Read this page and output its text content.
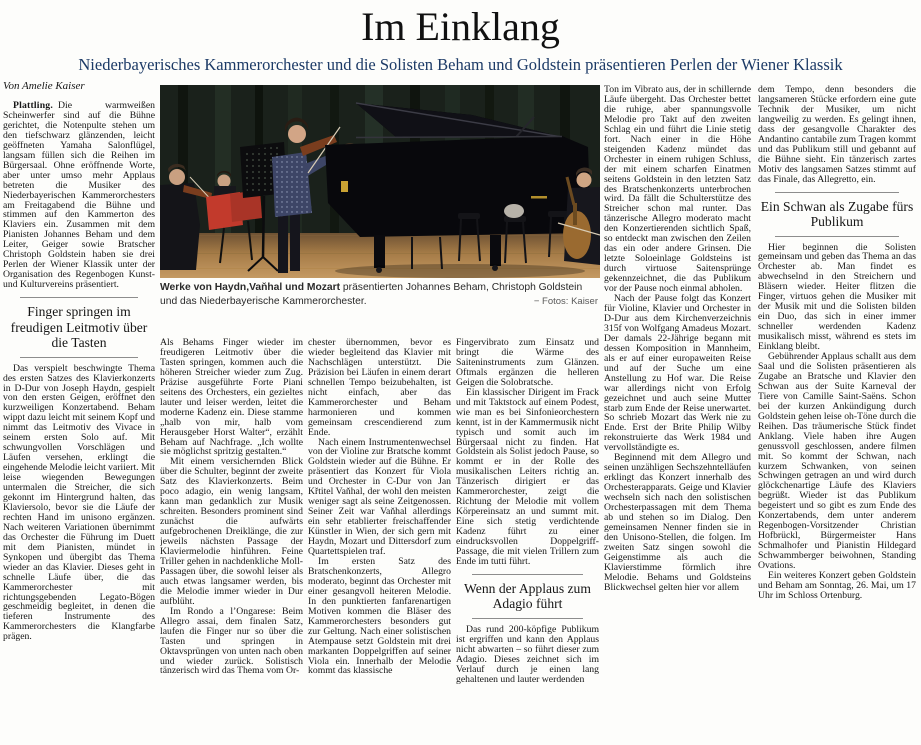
Im Einklang
Niederbayerisches Kammerorchester und die Solisten Beham und Goldstein präsentieren Perlen der Wiener Klassik
Von Amelie Kaiser

Plattling. Die warmweißen Scheinwerfer sind auf die Bühne gerichtet, die Notenpulte stehen um den tiefschwarz glänzenden, leicht geöffneten Yamaha Salonflügel, langsam füllen sich die Reihen im Bürgersaal. Ohne eröffnende Worte, aber unter umso mehr Applaus betreten die Musiker des Niederbayerischen Kammerorchesters am Freitagabend die Bühne und stimmen auf den Kammerton des Klaviers ein. Zusammen mit dem Pianisten Johannes Beham und dem Leiter, Geiger sowie Bratscher Christoph Goldstein haben sie drei Perlen der Wiener Klassik unter der Organisation des Regenbogen Kunst- und Kulturvereins präsentiert.

Finger springen im freudigen Leitmotiv über die Tasten

Das verspielt beschwingte Thema des ersten Satzes des Klavierkonzerts in D-Dur von Joseph Haydn, gespielt von den ersten Geigen, eröffnet den kurzweiligen Konzertabend. Beham wippt dazu leicht mit seinem Kopf und nimmt das Leitmotiv des Vivace in seinem ersten Solo auf. Mit schwungvollen Vorschlägen und Läufen versehen, erklingt die eingehende Melodie leicht variiert. Mit leise wiegenden Bewegungen untermalen die Streicher, die sich gekonnt im Hintergrund halten, das Klaviersolo, bevor sie die Läufe der rechten Hand im unisono ergänzen. Nach weiteren Variationen übernimmt das Orchester die Führung im Duett mit dem Pianisten, mündet in Synkopen und übergibt das Thema wieder an das Klavier. Dieses geht in schnelle Läufe über, die das Kammerorchester mit richtungsgebenden Legato-Bögen geschmeidig begleitet, in denen die tieferen Instrumente des Kammerorchesters die Klangfarbe prägen.

Werke von Haydn,Vaňhal und Mozart präsentierten Johannes Beham, Christoph Goldstein und das Niederbayerische Kammerorchester.	− Fotos: Kaiser

Als Behams Finger wieder im freudigeren Leitmotiv über die Tasten springen, kommen auch die höheren Streicher wieder zum Zug. Präzise ausgeführte Forte Piani seitens des Orchesters, ein gezieltes lauter und leiser werden, leitet die moderne Kadenz ein. Diese stamme „halb von mir, halb vom Herausgeber Horst Walter“, erzählt Beham auf Nachfrage. „Ich wollte sie möglichst spritzig gestalten.“

Mit einem versichernden Blick über die Schulter, beginnt der zweite Satz des Klavierkonzerts. Beim poco adagio, ein wenig langsam, kann man gedanklich zur Musik schreiten. Besonders prominent sind zunächst die aufwärts aufgebrochenen Dreiklänge, die zur jeweils nächsten Passage der Klaviermelodie hinführen. Feine Triller gehen in nachdenkliche Moll-Passagen über, die sowohl leiser als auch etwas langsamer werden, bis die Melodie immer wieder in Dur aufblüht.

Im Rondo a l’Ongarese: Beim Allegro assai, dem finalen Satz, laufen die Finger nur so über die Tasten und springen in Oktavsprüngen von unten nach oben und wieder zurück. Solistisch tänzerisch wird das Thema vom Or-

chester übernommen, bevor es wieder begleitend das Klavier mit Nachschlägen unterstützt. Die Präzision bei Läufen in einem derart schnellen Tempo beizubehalten, ist nicht einfach, aber das Kammerorchester und Beham harmonieren und kommen gemeinsam crescendierend zum Ende.

Nach einem Instrumentenwechsel von der Violine zur Bratsche kommt Goldstein wieder auf die Bühne. Er präsentiert das Konzert für Viola und Orchester in C-Dur von Jan Křtitel Vaňhal, der wohl den meisten weniger sagt als seine Zeitgenossen. Seiner Zeit war Vaňhal allerdings ein sehr etablierter freischaffender Künstler in Wien, der sich gern mit Haydn, Mozart und Dittersdorf zum Quartettspielen traf.

Im ersten Satz des Bratschenkonzerts, Allegro moderato, beginnt das Orchester mit einer gesangvoll heiteren Melodie. In den punktierten fanfarenartigen Motiven kommen die Bläser des Kammerorchesters besonders gut zur Geltung. Nach einer solistischen Atempause setzt Goldstein mit drei markanten Doppelgriffen auf seiner Viola ein. Innerhalb der Melodie kommt das klassische

Fingervibrato zum Einsatz und bringt die Wärme des Saiteninstruments zum Glänzen. Oftmals ergänzen die helleren Geigen die Solobratsche.

Ein klassischer Dirigent im Frack und mit Taktstock auf einem Podest, wie man es bei Sinfonieorchestern kennt, ist in der Kammermusik nicht typisch und somit auch im Bürgersaal nicht zu finden. Hat Goldstein als Solist jedoch Pause, so kommt er in der Rolle des musikalischen Leiters richtig an. Tänzerisch dirigiert er das Kammerorchester, zeigt die Richtung der Melodie mit vollem Körpereinsatz an und summt mit. Eine sich stetig verdichtende Kadenz führt zu einer eindrucksvollen Doppelgriff-Passage, die mit vielen Trillern zum Ende im tutti führt.

Wenn der Applaus zum Adagio führt

Das rund 200-köpfige Publikum ist ergriffen und kann den Applaus nicht abwarten – so führt dieser zum Adagio. Dieses zeichnet sich im Verlauf durch je einen lang gehaltenen und lauter werdenden

Ton im Vibrato aus, der in schillernde Läufe übergeht. Das Orchester bettet die ruhige, aber spannungsvolle Melodie pro Takt auf den zweiten Schlag ein und führt die Linie stetig fort. Nach einer in die Höhe steigenden Kadenz mündet das Orchester in einem ruhigen Schluss, der mit einem scharfen Einatmen seitens Goldstein in den letzten Satz des Bratschenkonzerts unterbrochen wird. Da fällt die Schulterstütze des Streicher schon mal runter. Das tänzerische Allegro moderato macht den Konzertierenden sichtlich Spaß, so entdeckt man zwischen den Zeilen das ein oder andere Grinsen. Die letzte Soloeinlage Goldsteins ist durch virtuose Saitensprünge gekennzeichnet, die das Publikum vor der Pause noch einmal abholen.

Nach der Pause folgt das Konzert für Violine, Klavier und Orchester in D-Dur aus dem Kirchenverzeichnis 315f von Wolfgang Amadeus Mozart. Der damals 22-Jährige begann mit dessen Komposition in Mannheim, als er auf einer europaweiten Reise und auf der Suche um eine Anstellung zu Hof war. Die Reise war allerdings nicht von Erfolg gezeichnet und auch seine Mutter starb zum Ende der Reise unerwartet. So schrieb Mozart das Werk nie zu Ende. Erst der Brite Philip Wilby rekonstruierte das Werk 1984 und vervollständigte es.

Beginnend mit dem Allegro und seinen unzähligen Sechszehntelläufen erklingt das Konzert innerhalb des Orchesterapparats. Geige und Klavier wechseln sich nach den solistischen Orchesterpassagen mit dem Thema ab und stehen so im Dialog. Den gemeinsamen Nenner finden sie in den Unisono-Stellen, die folgen. Im zweiten Satz singen sowohl die Geigenstimme als auch die Klavierstimme förmlich ihre Melodie. Behams und Goldsteins Blickwechsel gelten hier vor allem

dem Tempo, denn besonders die langsameren Stücke erfordern eine gute Technik der Musiker, um nicht langweilig zu werden. Es gelingt ihnen, dass der gesangvolle Charakter des Andantino cantabile zum Tragen kommt und das Publikum still und gebannt auf die Bühne sieht. Ein tänzerisch zartes Motiv des langsamen Satzes stimmt auf das Finale, das Allegretto, ein.

Ein Schwan als Zugabe fürs Publikum

Hier beginnen die Solisten gemeinsam und geben das Thema an das Orchester ab. Man findet es abwechselnd in den Streichern und Bläsern wieder. Heiter flitzen die Finger, virtuos gehen die Musiker mit der Musik mit und die Solisten bilden ein Duo, das sich in einer immer schneller werdenden Kadenz musikalisch misst, während es stets im Einklang bleibt.

Gebührender Applaus schallt aus dem Saal und die Solisten präsentieren als Zugabe an Bratsche und Klavier den Schwan aus der Suite Karneval der Tiere von Camille Saint-Saëns. Schon bei der kurzen Ankündigung durch Goldstein gehen leise oh-Töne durch die Reihen. Das träumerische Stück findet Anklang. Viele haben ihre Augen genussvoll geschlossen, andere filmen mit. So kommt der Schwan, nach kurzem Schwanken, von seinen Schwingen getragen an und wird durch glöckchenartige Läufe des Klaviers begrüßt. Wieder ist das Publikum begeistert und so gibt es zum Ende des Konzertabends, dem unter anderem Regenbogen-Vorsitzender Christian Hofbrückl, Bürgermeister Hans Schmalhofer und Pianistin Hildegard Schwammberger beiwohnen, Standing Ovations.

Ein weiteres Konzert geben Goldstein und Beham am Sonntag, 26. Mai, um 17 Uhr im Schloss Ortenburg.
